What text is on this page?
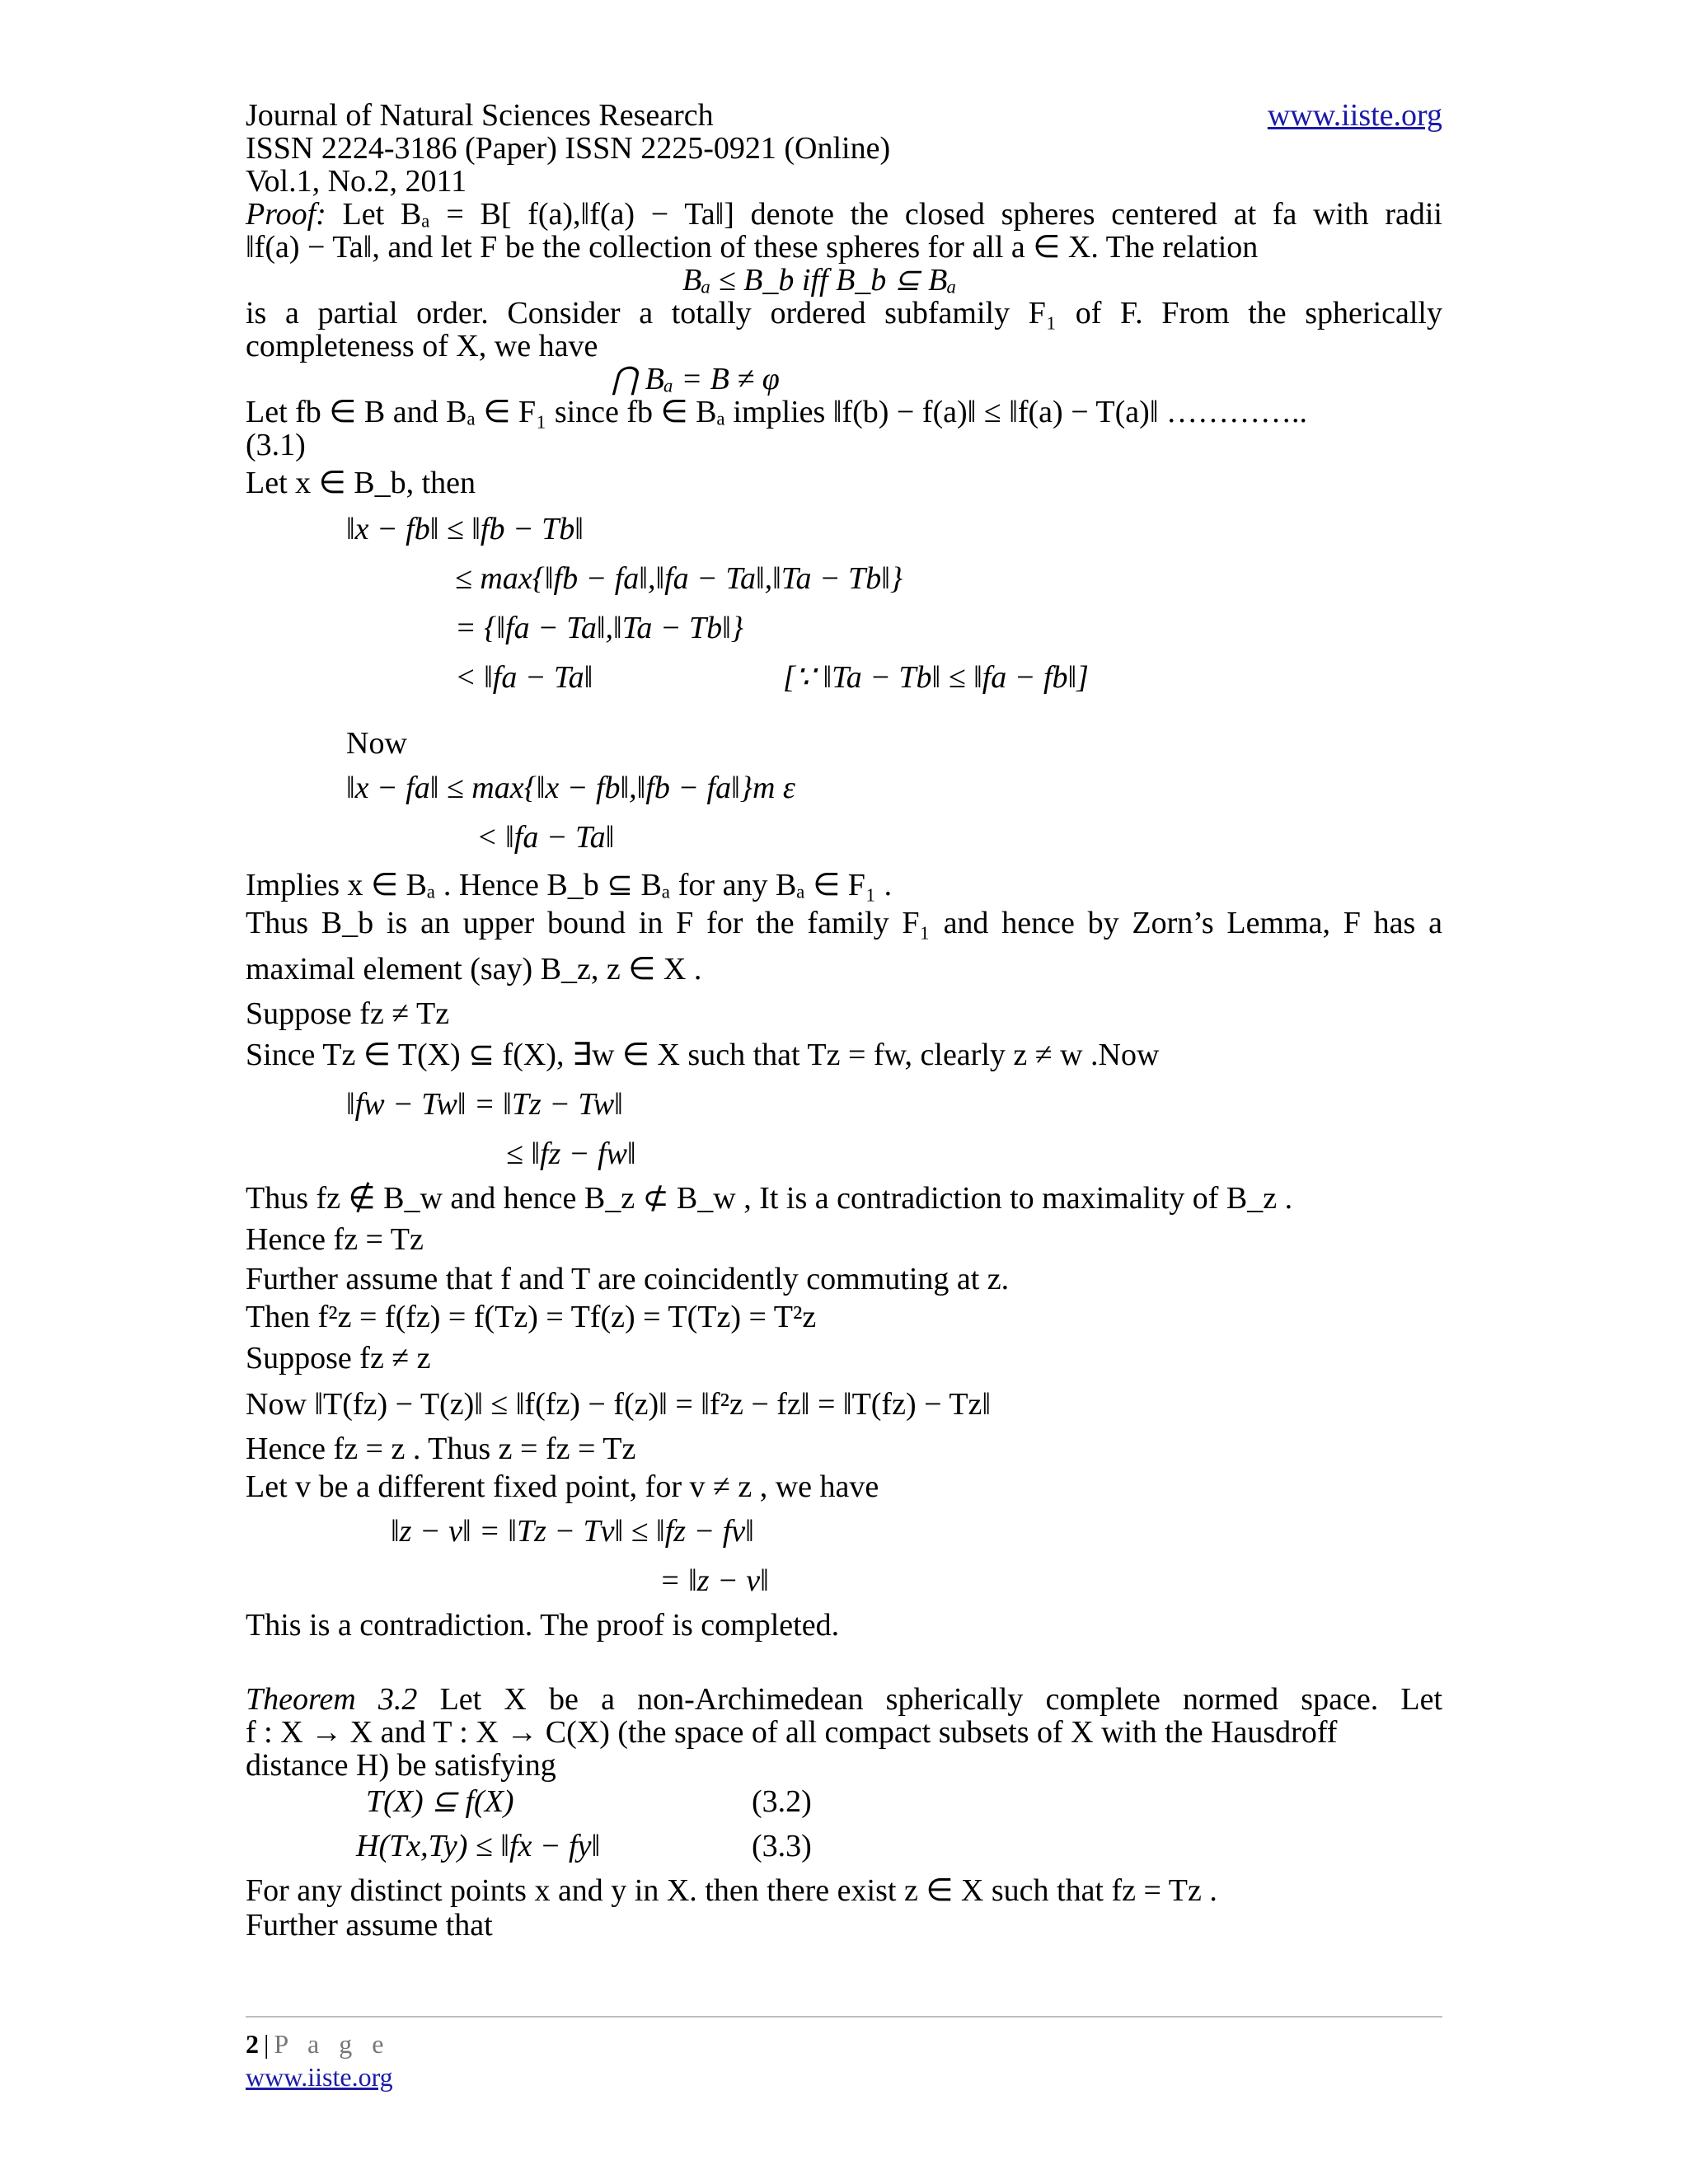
Journal of Natural Sciences Research	www.iiste.org
ISSN 2224-3186 (Paper) ISSN 2225-0921 (Online)
Vol.1, No.2, 2011
Proof: Let Bₐ = B[ f(a),‖f(a) − Ta‖] denote the closed spheres centered at fa with radii
‖f(a) − Ta‖, and let F be the collection of these spheres for all a ∈ X. The relation
Bₐ ≤ B_b iff B_b ⊆ Bₐ
is a partial order. Consider a totally ordered subfamily F₁ of F. From the spherically
completeness of X, we have
⋂ Bₐ = B ≠ φ
Let fb ∈ B and Bₐ ∈ F₁ since fb ∈ Bₐ implies ‖f(b) − f(a)‖ ≤ ‖f(a) − T(a)‖ …………..
(3.1)
Let x ∈ B_b, then
‖x − fb‖ ≤ ‖fb − Tb‖
≤ max{‖fb − fa‖,‖fa − Ta‖,‖Ta − Tb‖}
= {‖fa − Ta‖,‖Ta − Tb‖}
< ‖fa − Ta‖	[∵ ‖Ta − Tb‖ ≤ ‖fa − fb‖]
Now
‖x − fa‖ ≤ max{‖x − fb‖,‖fb − fa‖}m ε
< ‖fa − Ta‖
Implies x ∈ Bₐ . Hence B_b ⊆ Bₐ for any Bₐ ∈ F₁ .
Thus B_b is an upper bound in F for the family F₁ and hence by Zorn’s Lemma, F has a
maximal element (say) B_z, z ∈ X .
Suppose fz ≠ Tz
Since Tz ∈ T(X) ⊆ f(X), ∃w ∈ X such that Tz = fw, clearly z ≠ w .Now
‖fw − Tw‖ = ‖Tz − Tw‖
≤ ‖fz − fw‖
Thus fz ∉ B_w and hence B_z ⊄ B_w , It is a contradiction to maximality of B_z .
Hence fz = Tz
Further assume that f and T are coincidently commuting at z.
Then f²z = f(fz) = f(Tz) = Tf(z) = T(Tz) = T²z
Suppose fz ≠ z
Now ‖T(fz) − T(z)‖ ≤ ‖f(fz) − f(z)‖ = ‖f²z − fz‖ = ‖T(fz) − Tz‖
Hence fz = z . Thus z = fz = Tz
Let v be a different fixed point, for v ≠ z , we have
‖z − v‖ = ‖Tz − Tv‖ ≤ ‖fz − fv‖
= ‖z − v‖
This is a contradiction. The proof is completed.
Theorem 3.2 Let X be a non-Archimedean spherically complete normed space. Let
f : X → X and T : X → C(X) (the space of all compact subsets of X with the Hausdroff
distance H) be satisfying
T(X) ⊆ f(X)	(3.2)
H(Tx,Ty) ≤ ‖fx − fy‖	(3.3)
For any distinct points x and y in X. then there exist z ∈ X such that fz = Tz .
Further assume that
2 | P a g e
www.iiste.org
